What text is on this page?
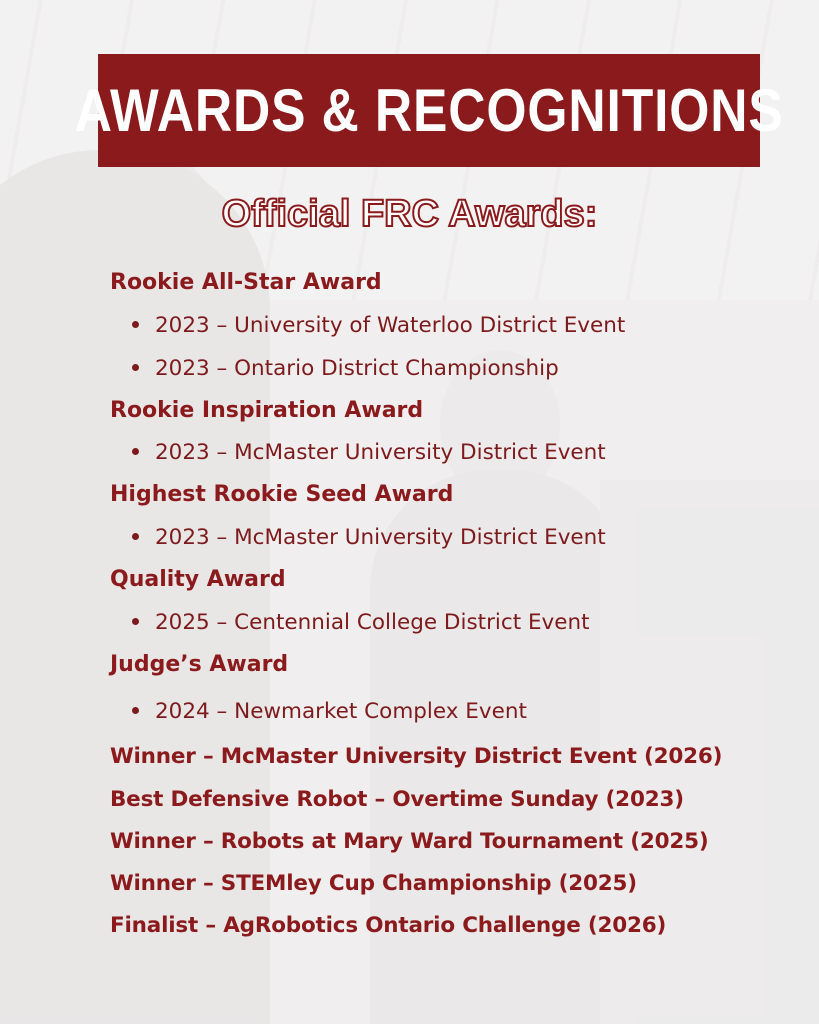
AWARDS & RECOGNITIONS
Official FRC Awards:
Rookie All-Star Award
2023 – University of Waterloo District Event
2023 – Ontario District Championship
Rookie Inspiration Award
2023 – McMaster University District Event
Highest Rookie Seed Award
2023 – McMaster University District Event
Quality Award
2025 – Centennial College District Event
Judge’s Award
2024 – Newmarket Complex Event
Winner – McMaster University District Event (2026)
Best Defensive Robot – Overtime Sunday (2023)
Winner – Robots at Mary Ward Tournament (2025)
Winner – STEMley Cup Championship (2025)
Finalist – AgRobotics Ontario Challenge (2026)
